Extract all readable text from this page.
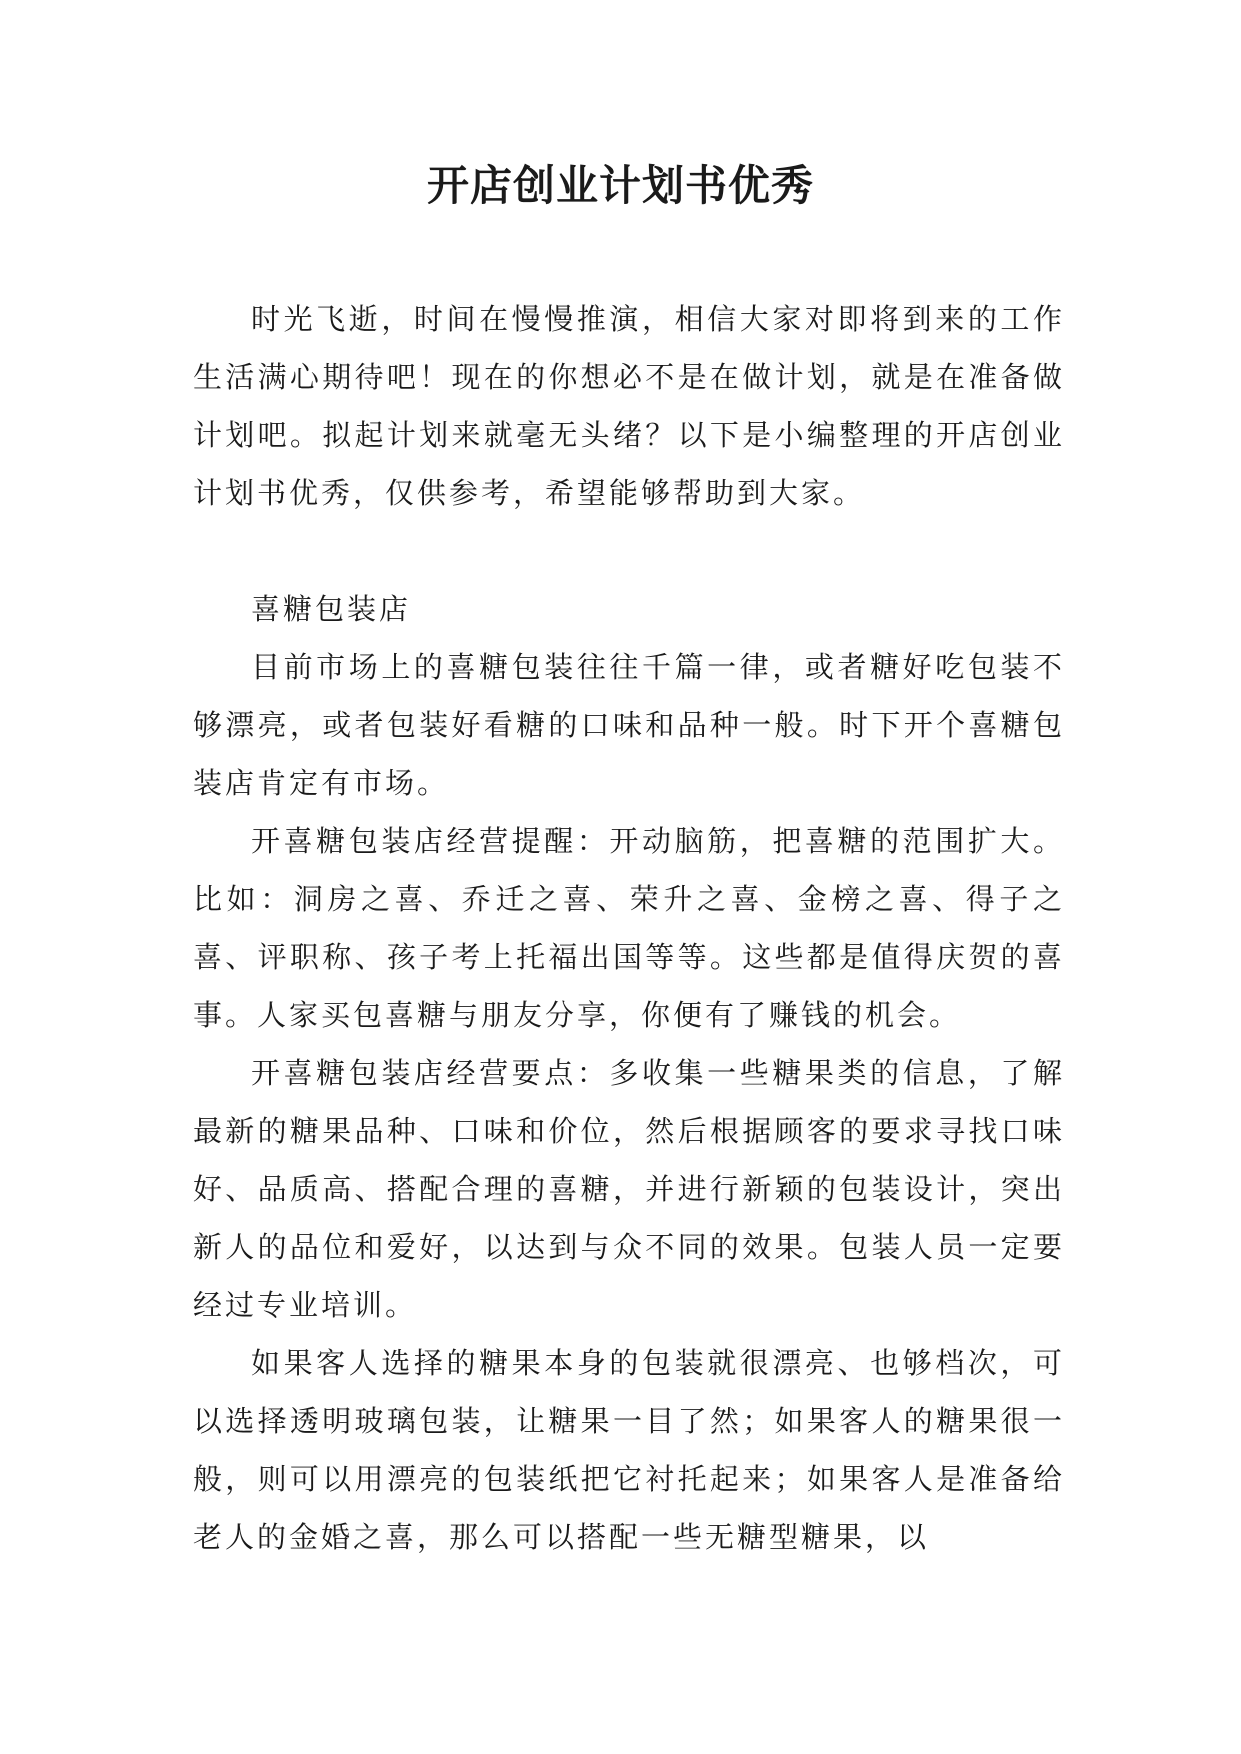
开店创业计划书优秀

时光飞逝，时间在慢慢推演，相信大家对即将到来的工作生活满心期待吧！现在的你想必不是在做计划，就是在准备做计划吧。拟起计划来就毫无头绪？以下是小编整理的开店创业计划书优秀，仅供参考，希望能够帮助到大家。

喜糖包装店

目前市场上的喜糖包装往往千篇一律，或者糖好吃包装不够漂亮，或者包装好看糖的口味和品种一般。时下开个喜糖包装店肯定有市场。

开喜糖包装店经营提醒：开动脑筋，把喜糖的范围扩大。比如：洞房之喜、乔迁之喜、荣升之喜、金榜之喜、得子之喜、评职称、孩子考上托福出国等等。这些都是值得庆贺的喜事。人家买包喜糖与朋友分享，你便有了赚钱的机会。

开喜糖包装店经营要点：多收集一些糖果类的信息，了解最新的糖果品种、口味和价位，然后根据顾客的要求寻找口味好、品质高、搭配合理的喜糖，并进行新颖的包装设计，突出新人的品位和爱好，以达到与众不同的效果。包装人员一定要经过专业培训。

如果客人选择的糖果本身的包装就很漂亮、也够档次，可以选择透明玻璃包装，让糖果一目了然；如果客人的糖果很一般，则可以用漂亮的包装纸把它衬托起来；如果客人是准备给老人的金婚之喜，那么可以搭配一些无糖型糖果，以
